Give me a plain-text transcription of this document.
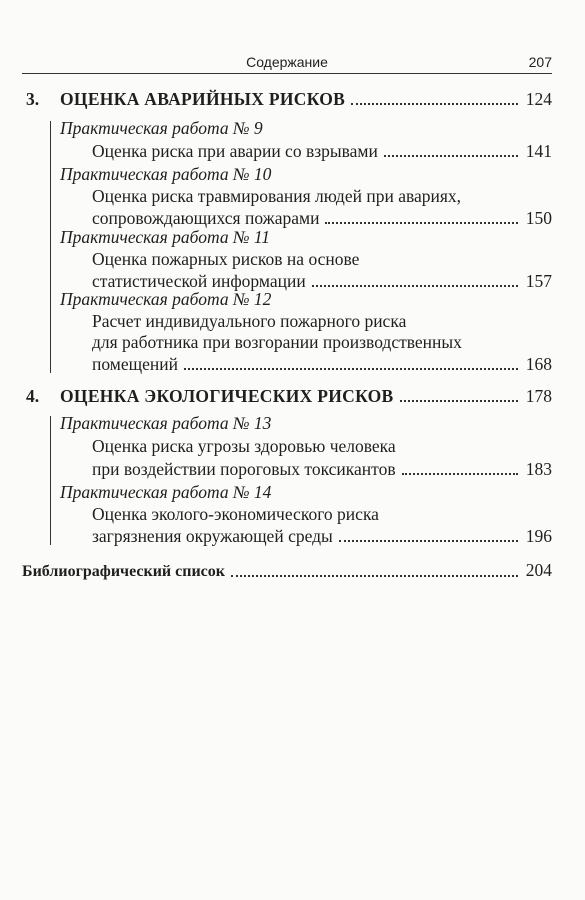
Содержание	207
3. ОЦЕНКА АВАРИЙНЫХ РИСКОВ	124
Практическая работа № 9
Оценка риска при аварии со взрывами	141
Практическая работа № 10
Оценка риска травмирования людей при авариях,
сопровождающихся пожарами	150
Практическая работа № 11
Оценка пожарных рисков на основе
статистической информации	157
Практическая работа № 12
Расчет индивидуального пожарного риска
для работника при возгорании производственных
помещений	168
4. ОЦЕНКА ЭКОЛОГИЧЕСКИХ РИСКОВ	178
Практическая работа № 13
Оценка риска угрозы здоровью человека
при воздействии пороговых токсикантов	183
Практическая работа № 14
Оценка эколого-экономического риска
загрязнения окружающей среды	196
Библиографический список	204
